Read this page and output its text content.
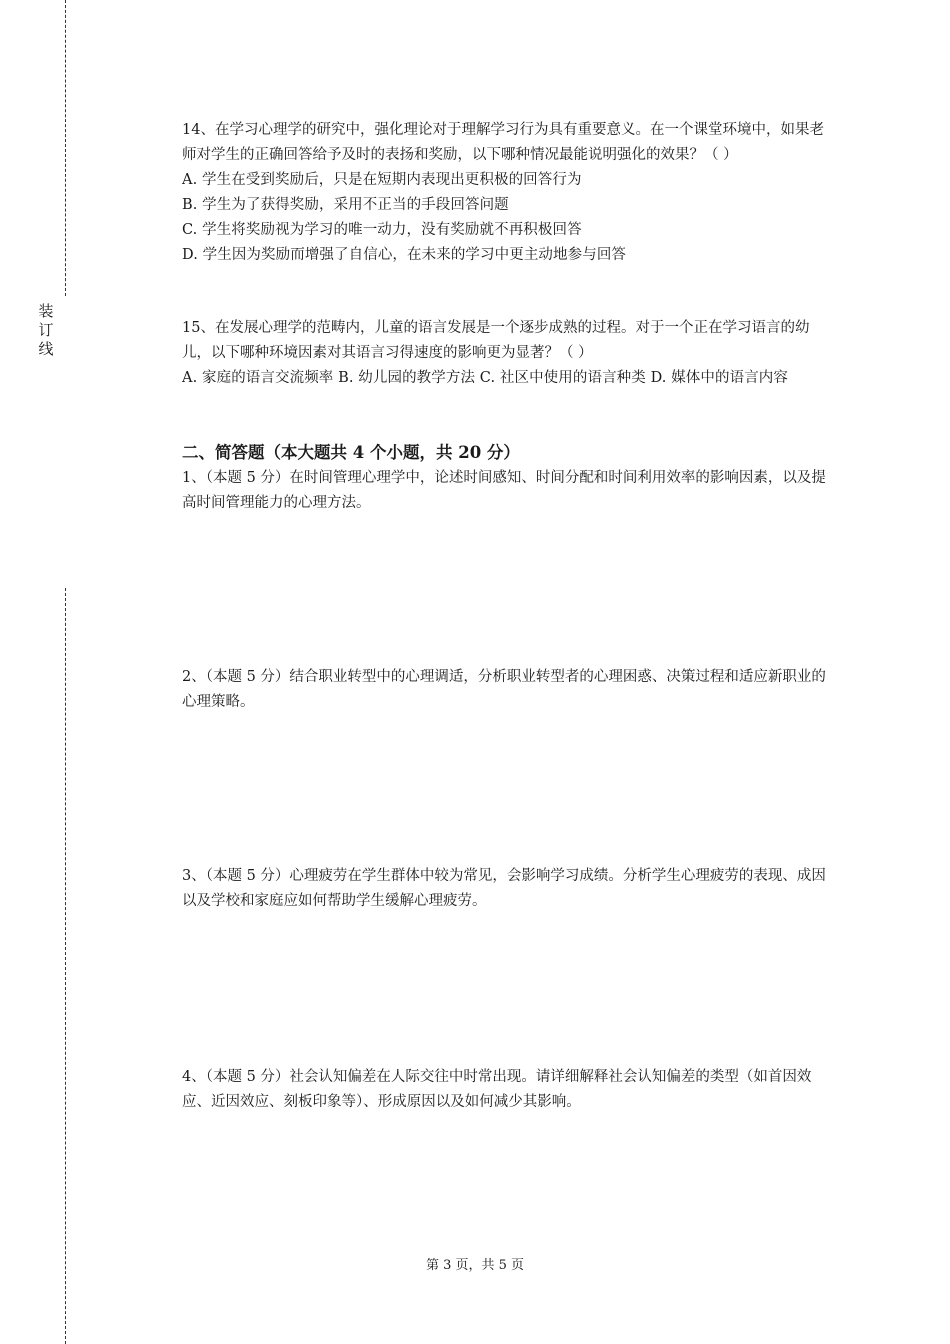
装
订
线

14、在学习心理学的研究中，强化理论对于理解学习行为具有重要意义。在一个课堂环境中，如果老师对学生的正确回答给予及时的表扬和奖励，以下哪种情况最能说明强化的效果？（ ）

A. 学生在受到奖励后，只是在短期内表现出更积极的回答行为

B. 学生为了获得奖励，采用不正当的手段回答问题

C. 学生将奖励视为学习的唯一动力，没有奖励就不再积极回答

D. 学生因为奖励而增强了自信心，在未来的学习中更主动地参与回答

15、在发展心理学的范畴内，儿童的语言发展是一个逐步成熟的过程。对于一个正在学习语言的幼儿，以下哪种环境因素对其语言习得速度的影响更为显著？（ ）

A. 家庭的语言交流频率 B. 幼儿园的教学方法 C. 社区中使用的语言种类 D. 媒体中的语言内容

二、简答题（本大题共 4 个小题，共 20 分）

1、（本题 5 分）在时间管理心理学中，论述时间感知、时间分配和时间利用效率的影响因素，以及提高时间管理能力的心理方法。

2、（本题 5 分）结合职业转型中的心理调适，分析职业转型者的心理困惑、决策过程和适应新职业的心理策略。

3、（本题 5 分）心理疲劳在学生群体中较为常见，会影响学习成绩。分析学生心理疲劳的表现、成因以及学校和家庭应如何帮助学生缓解心理疲劳。

4、（本题 5 分）社会认知偏差在人际交往中时常出现。请详细解释社会认知偏差的类型（如首因效应、近因效应、刻板印象等）、形成原因以及如何减少其影响。

第 3 页，共 5 页
